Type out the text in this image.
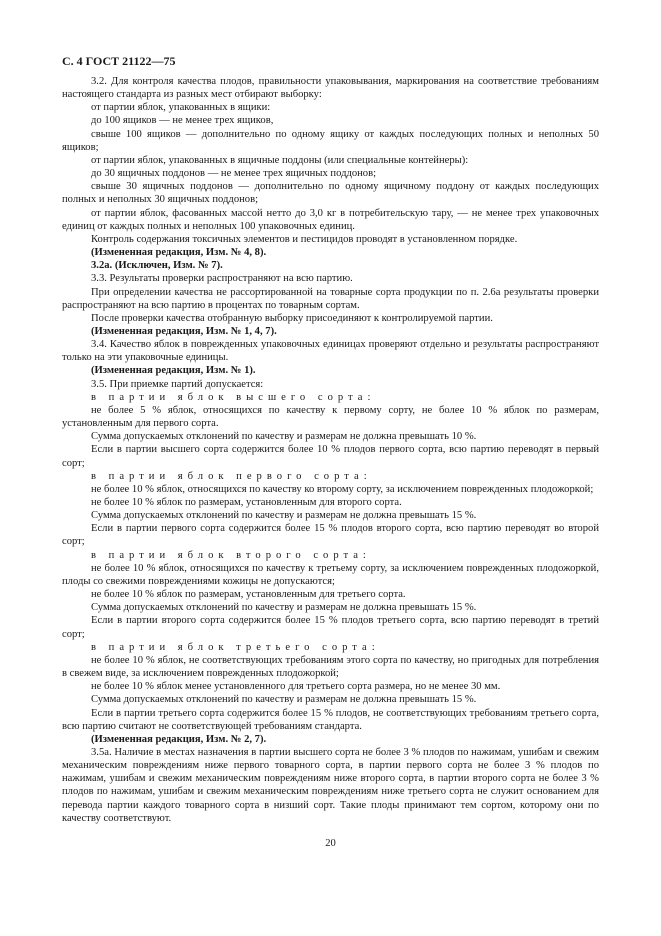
С. 4 ГОСТ 21122—75

3.2. Для контроля качества плодов, правильности упаковывания, маркирования на соответствие требованиям настоящего стандарта из разных мест отбирают выборку:

от партии яблок, упакованных в ящики:

до 100 ящиков — не менее трех ящиков,

свыше 100 ящиков — дополнительно по одному ящику от каждых последующих полных и неполных 50 ящиков;

от партии яблок, упакованных в ящичные поддоны (или специальные контейнеры):

до 30 ящичных поддонов — не менее трех ящичных поддонов;

свыше 30 ящичных поддонов — дополнительно по одному ящичному поддону от каждых последующих полных и неполных 30 ящичных поддонов;

от партии яблок, фасованных массой нетто до 3,0 кг в потребительскую тару, — не менее трех упаковочных единиц от каждых полных и неполных 100 упаковочных единиц.

Контроль содержания токсичных элементов и пестицидов проводят в установленном порядке.

(Измененная редакция, Изм. № 4, 8).

3.2а. (Исключен, Изм. № 7).

3.3. Результаты проверки распространяют на всю партию.

При определении качества не рассортированной на товарные сорта продукции по п. 2.6а результаты проверки распространяют на всю партию в процентах по товарным сортам.

После проверки качества отобранную выборку присоединяют к контролируемой партии.

(Измененная редакция, Изм. № 1, 4, 7).

3.4. Качество яблок в поврежденных упаковочных единицах проверяют отдельно и результаты распространяют только на эти упаковочные единицы.

(Измененная редакция, Изм. № 1).

3.5. При приемке партий допускается:

в партии яблок высшего сорта:

не более 5 % яблок, относящихся по качеству к первому сорту, не более 10 % яблок по размерам, установленным для первого сорта.

Сумма допускаемых отклонений по качеству и размерам не должна превышать 10 %.

Если в партии высшего сорта содержится более 10 % плодов первого сорта, всю партию переводят в первый сорт;

в партии яблок первого сорта:

не более 10 % яблок, относящихся по качеству ко второму сорту, за исключением поврежденных плодожоркой;

не более 10 % яблок по размерам, установленным для второго сорта.

Сумма допускаемых отклонений по качеству и размерам не должна превышать 15 %.

Если в партии первого сорта содержится более 15 % плодов второго сорта, всю партию переводят во второй сорт;

в партии яблок второго сорта:

не более 10 % яблок, относящихся по качеству к третьему сорту, за исключением поврежденных плодожоркой, плоды со свежими повреждениями кожицы не допускаются;

не более 10 % яблок по размерам, установленным для третьего сорта.

Сумма допускаемых отклонений по качеству и размерам не должна превышать 15 %.

Если в партии второго сорта содержится более 15 % плодов третьего сорта, всю партию переводят в третий сорт;

в партии яблок третьего сорта:

не более 10 % яблок, не соответствующих требованиям этого сорта по качеству, но пригодных для потребления в свежем виде, за исключением поврежденных плодожоркой;

не более 10 % яблок менее установленного для третьего сорта размера, но не менее 30 мм.

Сумма допускаемых отклонений по качеству и размерам не должна превышать 15 %.

Если в партии третьего сорта содержится более 15 % плодов, не соответствующих требованиям третьего сорта, всю партию считают не соответствующей требованиям стандарта.

(Измененная редакция, Изм. № 2, 7).

3.5а. Наличие в местах назначения в партии высшего сорта не более 3 % плодов по нажимам, ушибам и свежим механическим повреждениям ниже первого товарного сорта, в партии первого сорта не более 3 % плодов по нажимам, ушибам и свежим механическим повреждениям ниже второго сорта, в партии второго сорта не более 3 % плодов по нажимам, ушибам и свежим механическим повреждениям ниже третьего сорта не служит основанием для перевода партии каждого товарного сорта в низший сорт. Такие плоды принимают тем сортом, которому они по качеству соответствуют.

20
